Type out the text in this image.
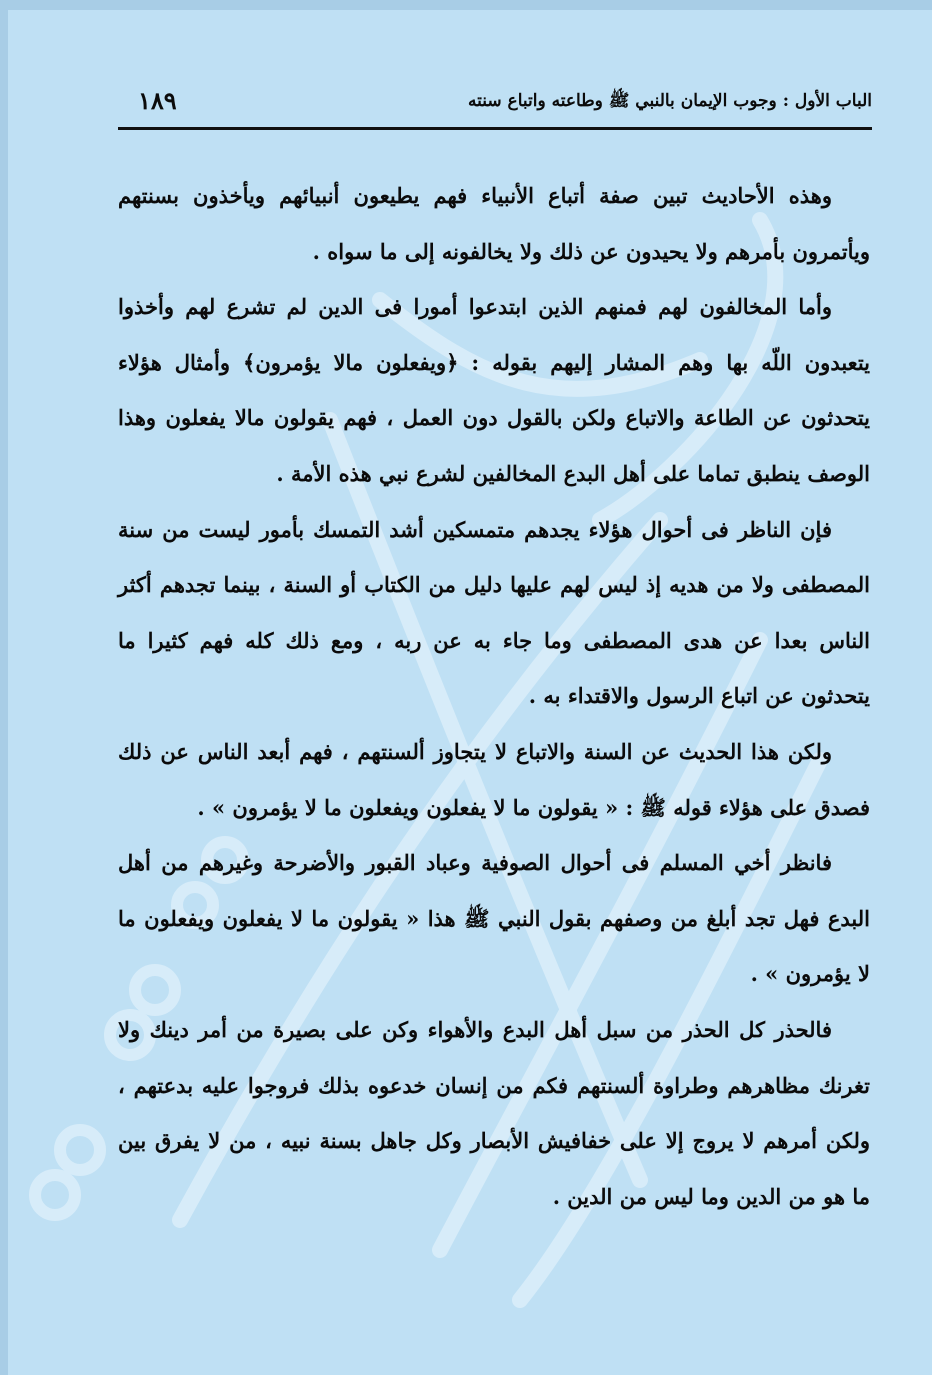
الباب الأول : وجوب الإيمان بالنبي ﷺ وطاعته واتباع سنته
١٨٩

وهذه الأحاديث تبين صفة أتباع الأنبياء فهم يطيعون أنبيائهم ويأخذون بسنتهم ويأتمرون بأمرهم ولا يحيدون عن ذلك ولا يخالفونه إلى ما سواه .

وأما المخالفون لهم فمنهم الذين ابتدعوا أمورا فى الدين لم تشرع لهم وأخذوا يتعبدون اللّه بها وهم المشار إليهم بقوله : ﴿ويفعلون مالا يؤمرون﴾ وأمثال هؤلاء يتحدثون عن الطاعة والاتباع ولكن بالقول دون العمل ، فهم يقولون مالا يفعلون وهذا الوصف ينطبق تماما على أهل البدع المخالفين لشرع نبي هذه الأمة .

فإن الناظر فى أحوال هؤلاء يجدهم متمسكين أشد التمسك بأمور ليست من سنة المصطفى ولا من هديه إذ ليس لهم عليها دليل من الكتاب أو السنة ، بينما تجدهم أكثر الناس بعدا عن هدى المصطفى وما جاء به عن ربه ، ومع ذلك كله فهم كثيرا ما يتحدثون عن اتباع الرسول والاقتداء به .

ولكن هذا الحديث عن السنة والاتباع لا يتجاوز ألسنتهم ، فهم أبعد الناس عن ذلك فصدق على هؤلاء قوله ﷺ : « يقولون ما لا يفعلون ويفعلون ما لا يؤمرون » .

فانظر أخي المسلم فى أحوال الصوفية وعباد القبور والأضرحة وغيرهم من أهل البدع فهل تجد أبلغ من وصفهم بقول النبي ﷺ هذا « يقولون ما لا يفعلون ويفعلون ما لا يؤمرون » .

فالحذر كل الحذر من سبل أهل البدع والأهواء وكن على بصيرة من أمر دينك ولا تغرنك مظاهرهم وطراوة ألسنتهم فكم من إنسان خدعوه بذلك فروجوا عليه بدعتهم ، ولكن أمرهم لا يروج إلا على خفافيش الأبصار وكل جاهل بسنة نبيه ، من لا يفرق بين ما هو من الدين وما ليس من الدين .
